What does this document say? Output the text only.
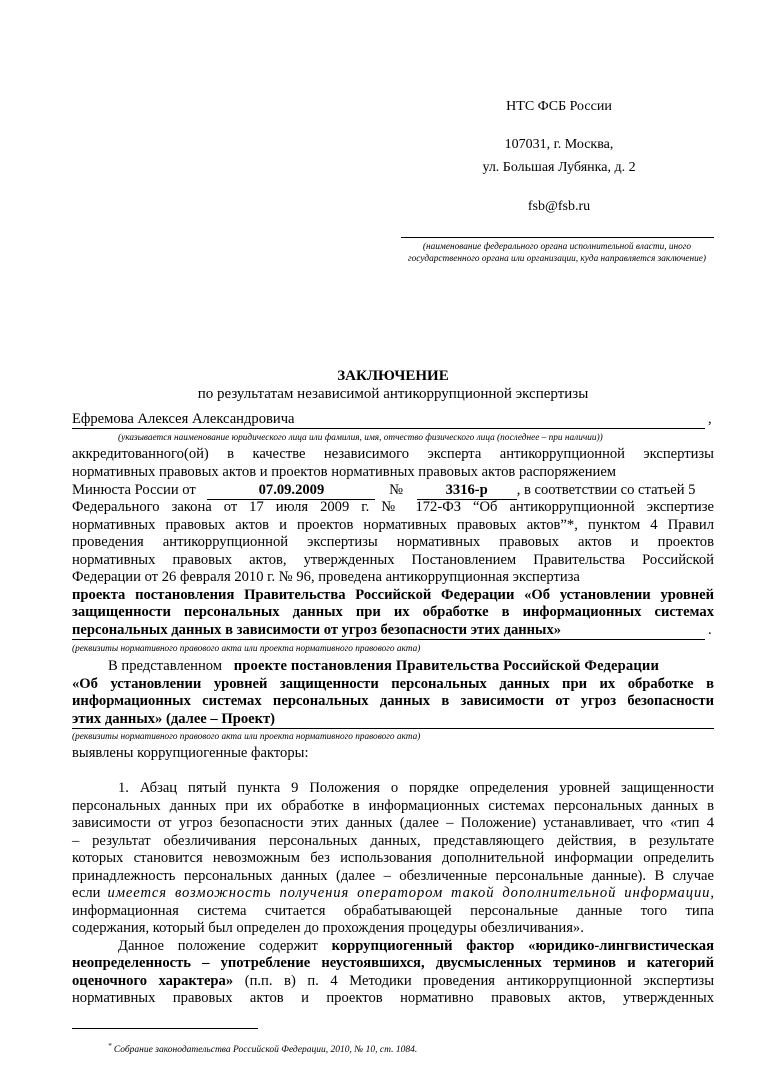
НТС ФСБ России
107031, г. Москва,
ул. Большая Лубянка, д. 2
fsb@fsb.ru
(наименование федерального органа исполнительной власти, иного государственного органа или организации, куда направляется заключение)
ЗАКЛЮЧЕНИЕ
по результатам независимой антикоррупционной экспертизы
Ефремова Алексея Александровича	,
(указывается наименование юридического лица или фамилия, имя, отчество физического лица (последнее – при наличии))
аккредитованного(ой) в качестве независимого эксперта антикоррупционной экспертизы
нормативных правовых актов и проектов нормативных правовых актов распоряжением
Минюста России от	07.09.2009	№	3316-р , в соответствии со статьей 5
Федерального закона от 17 июля 2009 г. № 172-ФЗ “Об антикоррупционной экспертизе
нормативных правовых актов и проектов нормативных правовых актов”*, пунктом 4 Правил
проведения антикоррупционной экспертизы нормативных правовых актов и проектов
нормативных правовых актов, утвержденных Постановлением Правительства Российской
Федерации от 26 февраля 2010 г. № 96, проведена антикоррупционная экспертиза
проекта постановления Правительства Российской Федерации «Об установлении уровней
защищенности персональных данных при их обработке в информационных системах
персональных данных в зависимости от угроз безопасности этих данных»	.
(реквизиты нормативного правового акта или проекта нормативного правового акта)
В представленном проекте постановления Правительства Российской Федерации
«Об установлении уровней защищенности персональных данных при их обработке в
информационных системах персональных данных в зависимости от угроз безопасности
этих данных» (далее – Проект)
(реквизиты нормативного правового акта или проекта нормативного правового акта)
выявлены коррупциогенные факторы:
1. Абзац пятый пункта 9 Положения о порядке определения уровней защищенности
персональных данных при их обработке в информационных системах персональных данных в
зависимости от угроз безопасности этих данных (далее – Положение) устанавливает, что «тип 4
– результат обезличивания персональных данных, представляющего действия, в результате
которых становится невозможным без использования дополнительной информации определить
принадлежность персональных данных (далее – обезличенные персональные данные). В случае
если имеется возможность получения оператором такой дополнительной информации,
информационная система считается обрабатывающей персональные данные того типа
содержания, который был определен до прохождения процедуры обезличивания».
Данное положение содержит коррупциогенный фактор «юридико-лингвистическая
неопределенность – употребление неустоявшихся, двусмысленных терминов и категорий
оценочного характера» (п.п. в) п. 4 Методики проведения антикоррупционной экспертизы
нормативных правовых актов и проектов нормативно правовых актов, утвержденных
* Собрание законодательства Российской Федерации, 2010, № 10, ст. 1084.
